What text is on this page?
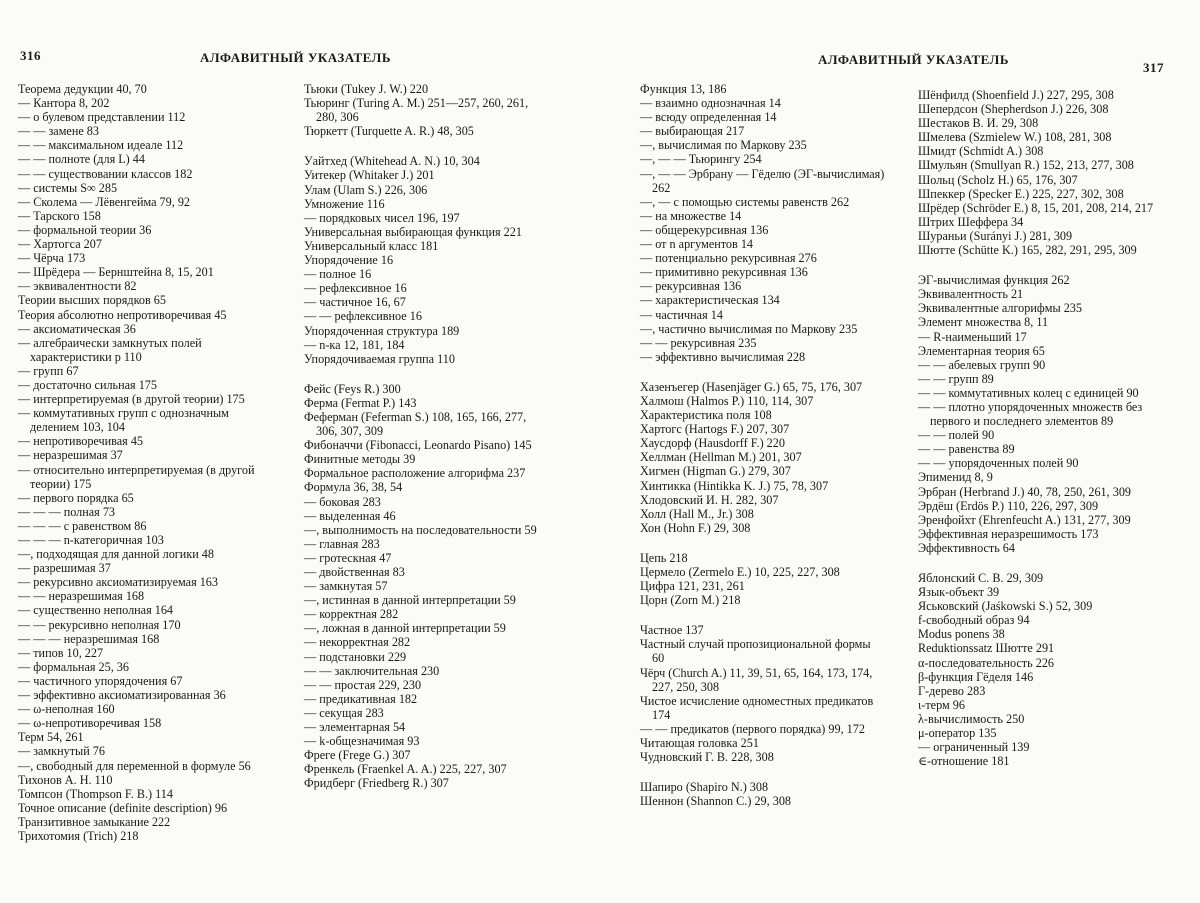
316	АЛФАВИТНЫЙ УКАЗАТЕЛЬ
Теорема дедукции 40, 70
— Кантора 8, 202
— о булевом представлении 112
— — замене 83
— — максимальном идеале 112
— — полноте (для L) 44
— — существовании классов 182
— системы S∞ 285
— Сколема — Лёвенгейма 79, 92
— Тарского 158
— формальной теории 36
— Хартогса 207
— Чёрча 173
— Шрёдера — Бернштейна 8, 15, 201
— эквивалентности 82
Теории высших порядков 65
Теория абсолютно непротиворечивая 45
— аксиоматическая 36
— алгебраически замкнутых полей характеристики p 110
— групп 67
— достаточно сильная 175
— интерпретируемая (в другой теории) 175
— коммутативных групп с однозначным делением 103, 104
— непротиворечивая 45
— неразрешимая 37
— относительно интерпретируемая (в другой теории) 175
— первого порядка 65
— — — полная 73
— — — с равенством 86
— — — n-категоричная 103
—, подходящая для данной логики 48
— разрешимая 37
— рекурсивно аксиоматизируемая 163
— — неразрешимая 168
— существенно неполная 164
— — рекурсивно неполная 170
— — — неразрешимая 168
— типов 10, 227
— формальная 25, 36
— частичного упорядочения 67
— эффективно аксиоматизированная 36
— ω-неполная 160
— ω-непротиворечивая 158
Терм 54, 261
— замкнутый 76
—, свободный для переменной в формуле 56
Тихонов А. Н. 110
Томпсон (Thompson F. B.) 114
Точное описание (definite description) 96
Транзитивное замыкание 222
Трихотомия (Trich) 218
Тьюки (Tukey J. W.) 220
Тьюринг (Turing A. M.) 251—257, 260, 261, 280, 306
Тюркетт (Turquette A. R.) 48, 305
Уайтхед (Whitehead A. N.) 10, 304
Уитекер (Whitaker J.) 201
Улам (Ulam S.) 226, 306
Умножение 116
— порядковых чисел 196, 197
Универсальная выбирающая функция 221
Универсальный класс 181
Упорядочение 16
— полное 16
— рефлексивное 16
— частичное 16, 67
— — рефлексивное 16
Упорядоченная структура 189
— n-ка 12, 181, 184
Упорядочиваемая группа 110
Фейс (Feys R.) 300
Ферма (Fermat P.) 143
Феферман (Feferman S.) 108, 165, 166, 277, 306, 307, 309
Фибоначчи (Fibonacci, Leonardo Pisano) 145
Финитные методы 39
Формальное расположение алгорифма 237
Формула 36, 38, 54
— боковая 283
— выделенная 46
—, выполнимость на последовательности 59
— главная 283
— гротескная 47
— двойственная 83
— замкнутая 57
—, истинная в данной интерпретации 59
— корректная 282
—, ложная в данной интерпретации 59
— некорректная 282
— подстановки 229
— — заключительная 230
— — простая 229, 230
— предикативная 182
— секущая 283
— элементарная 54
— k-общезначимая 93
Фреге (Frege G.) 307
Френкель (Fraenkel A. A.) 225, 227, 307
Фридберг (Friedberg R.) 307
АЛФАВИТНЫЙ УКАЗАТЕЛЬ
317
Функция 13, 186
— взаимно однозначная 14
— всюду определенная 14
— выбирающая 217
—, вычислимая по Маркову 235
—, — — Тьюрингу 254
—, — — Эрбрану — Гёделю (ЭГ-вычислимая) 262
—, — с помощью системы равенств 262
— на множестве 14
— общерекурсивная 136
— от n аргументов 14
— потенциально рекурсивная 276
— примитивно рекурсивная 136
— рекурсивная 136
— характеристическая 134
— частичная 14
—, частично вычислимая по Маркову 235
— — рекурсивная 235
— эффективно вычислимая 228
Хазенъегер (Hasenjäger G.) 65, 75, 176, 307
Халмош (Halmos P.) 110, 114, 307
Характеристика поля 108
Хартогс (Hartogs F.) 207, 307
Хаусдорф (Hausdorff F.) 220
Хеллман (Hellman M.) 201, 307
Хигмен (Higman G.) 279, 307
Хинтикка (Hintikka K. J.) 75, 78, 307
Хлодовский И. Н. 282, 307
Холл (Hall M., Jr.) 308
Хон (Hohn F.) 29, 308
Цепь 218
Цермело (Zermelo E.) 10, 225, 227, 308
Цифра 121, 231, 261
Цорн (Zorn M.) 218
Частное 137
Частный случай пропозициональной формы 60
Чёрч (Church A.) 11, 39, 51, 65, 164, 173, 174, 227, 250, 308
Чистое исчисление одноместных предикатов 174
— — предикатов (первого порядка) 99, 172
Читающая головка 251
Чудновский Г. В. 228, 308
Шапиро (Shapiro N.) 308
Шеннон (Shannon C.) 29, 308
Шёнфилд (Shoenfield J.) 227, 295, 308
Шепердсон (Shepherdson J.) 226, 308
Шестаков В. И. 29, 308
Шмелева (Szmielew W.) 108, 281, 308
Шмидт (Schmidt A.) 308
Шмульян (Smullyan R.) 152, 213, 277, 308
Шольц (Scholz H.) 65, 176, 307
Шпеккер (Specker E.) 225, 227, 302, 308
Шрёдер (Schröder E.) 8, 15, 201, 208, 214, 217
Штрих Шеффера 34
Шураньи (Surányi J.) 281, 309
Шютте (Schütte K.) 165, 282, 291, 295, 309
ЭГ-вычислимая функция 262
Эквивалентность 21
Эквивалентные алгорифмы 235
Элемент множества 8, 11
— R-наименьший 17
Элементарная теория 65
— — абелевых групп 90
— — групп 89
— — коммутативных колец с единицей 90
— — плотно упорядоченных множеств без первого и последнего элементов 89
— — полей 90
— — равенства 89
— — упорядоченных полей 90
Эпименид 8, 9
Эрбран (Herbrand J.) 40, 78, 250, 261, 309
Эрдёш (Erdös P.) 110, 226, 297, 309
Эренфойхт (Ehrenfeucht A.) 131, 277, 309
Эффективная неразрешимость 173
Эффективность 64
Яблонский С. В. 29, 309
Язык-объект 39
Яськовский (Jaśkowski S.) 52, 309
f-свободный образ 94
Modus ponens 38
Reduktionssatz Шютте 291
α-последовательность 226
β-функция Гёделя 146
Γ-дерево 283
ι-терм 96
λ-вычислимость 250
μ-оператор 135
— ограниченный 139
∈-отношение 181
